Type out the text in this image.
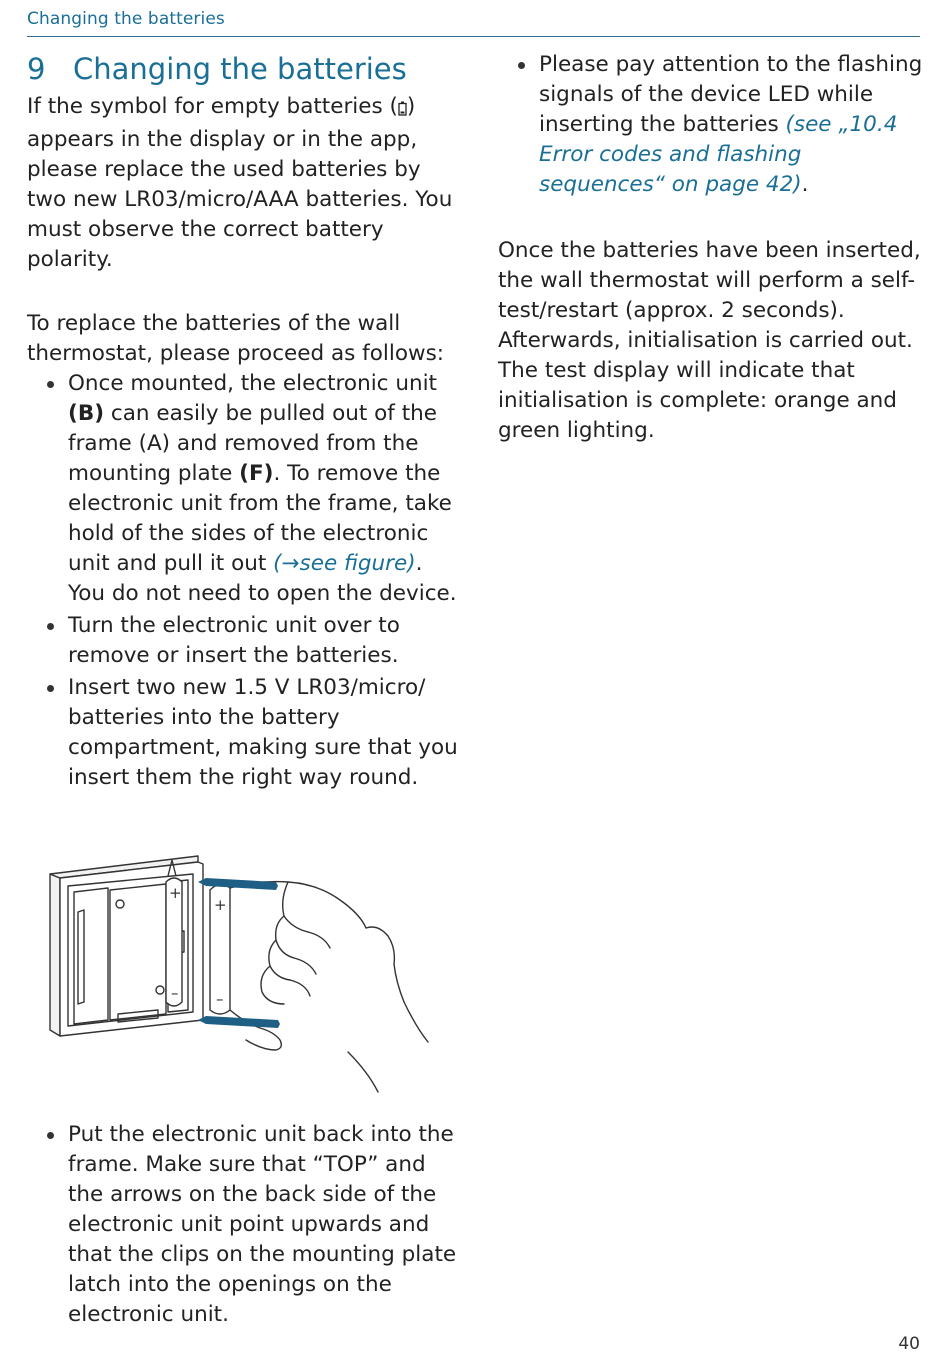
Changing the batteries
9 Changing the batteries

If the symbol for empty batteries ( ) appears in the display or in the app, please replace the used batteries by two new LR03/micro/AAA batteries. You must observe the correct battery polarity.

To replace the batteries of the wall thermostat, please proceed as follows:

Once mounted, the electronic unit (B) can easily be pulled out of the frame (A) and removed from the mounting plate (F). To remove the electronic unit from the frame, take hold of the sides of the electronic unit and pull it out (→see figure). You do not need to open the device.
Turn the electronic unit over to remove or insert the batteries.
Insert two new 1.5 V LR03/micro/ batteries into the battery compartment, making sure that you insert them the right way round.
Put the electronic unit back into the frame. Make sure that “TOP” and the arrows on the back side of the electronic unit point upwards and that the clips on the mounting plate latch into the openings on the electronic unit.
+
+
–	–
Please pay attention to the flashing signals of the device LED while inserting the batteries (see „10.4 Error codes and flashing sequences“ on page 42).

Once the batteries have been inserted, the wall thermostat will perform a self-test/restart (approx. 2 seconds). Afterwards, initialisation is carried out. The test display will indicate that initialisation is complete: orange and green lighting.

40
